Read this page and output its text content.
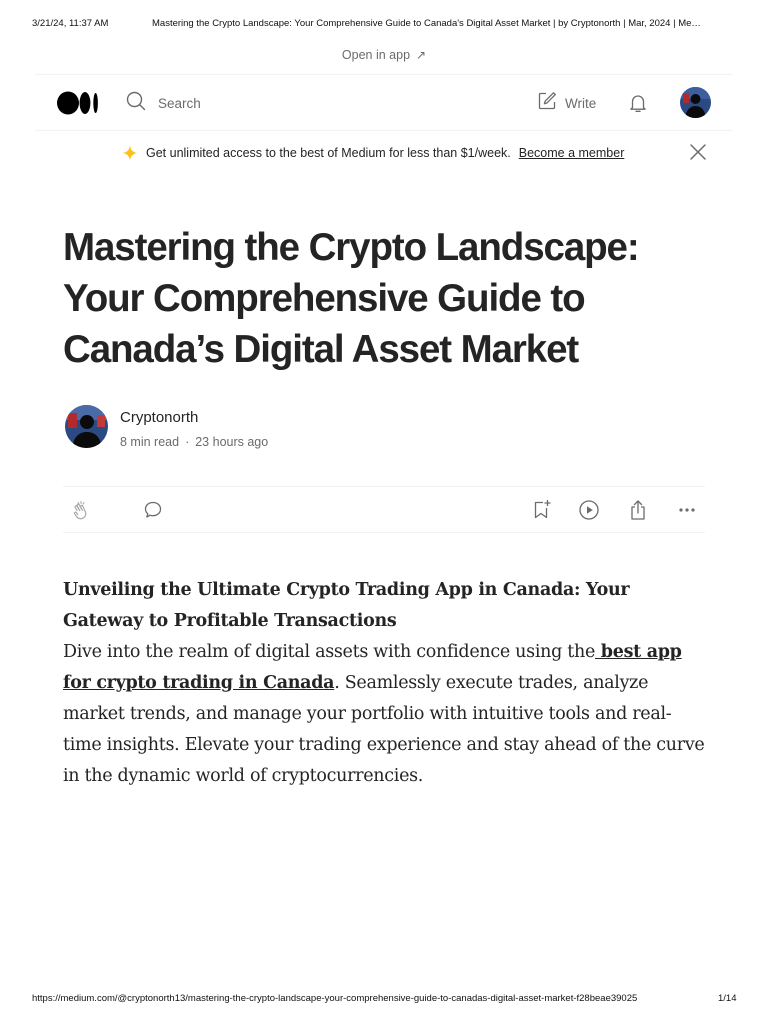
3/21/24, 11:37 AM	Mastering the Crypto Landscape: Your Comprehensive Guide to Canada's Digital Asset Market | by Cryptonorth | Mar, 2024 | Me…
Open in app ↗
Search	Write
Get unlimited access to the best of Medium for less than $1/week. Become a member
Mastering the Crypto Landscape: Your Comprehensive Guide to Canada’s Digital Asset Market
Cryptonorth
8 min read · 23 hours ago
Unveiling the Ultimate Crypto Trading App in Canada: Your Gateway to Profitable Transactions
Dive into the realm of digital assets with confidence using the best app for crypto trading in Canada. Seamlessly execute trades, analyze market trends, and manage your portfolio with intuitive tools and real-time insights. Elevate your trading experience and stay ahead of the curve in the dynamic world of cryptocurrencies.
https://medium.com/@cryptonorth13/mastering-the-crypto-landscape-your-comprehensive-guide-to-canadas-digital-asset-market-f28beae39025	1/14
